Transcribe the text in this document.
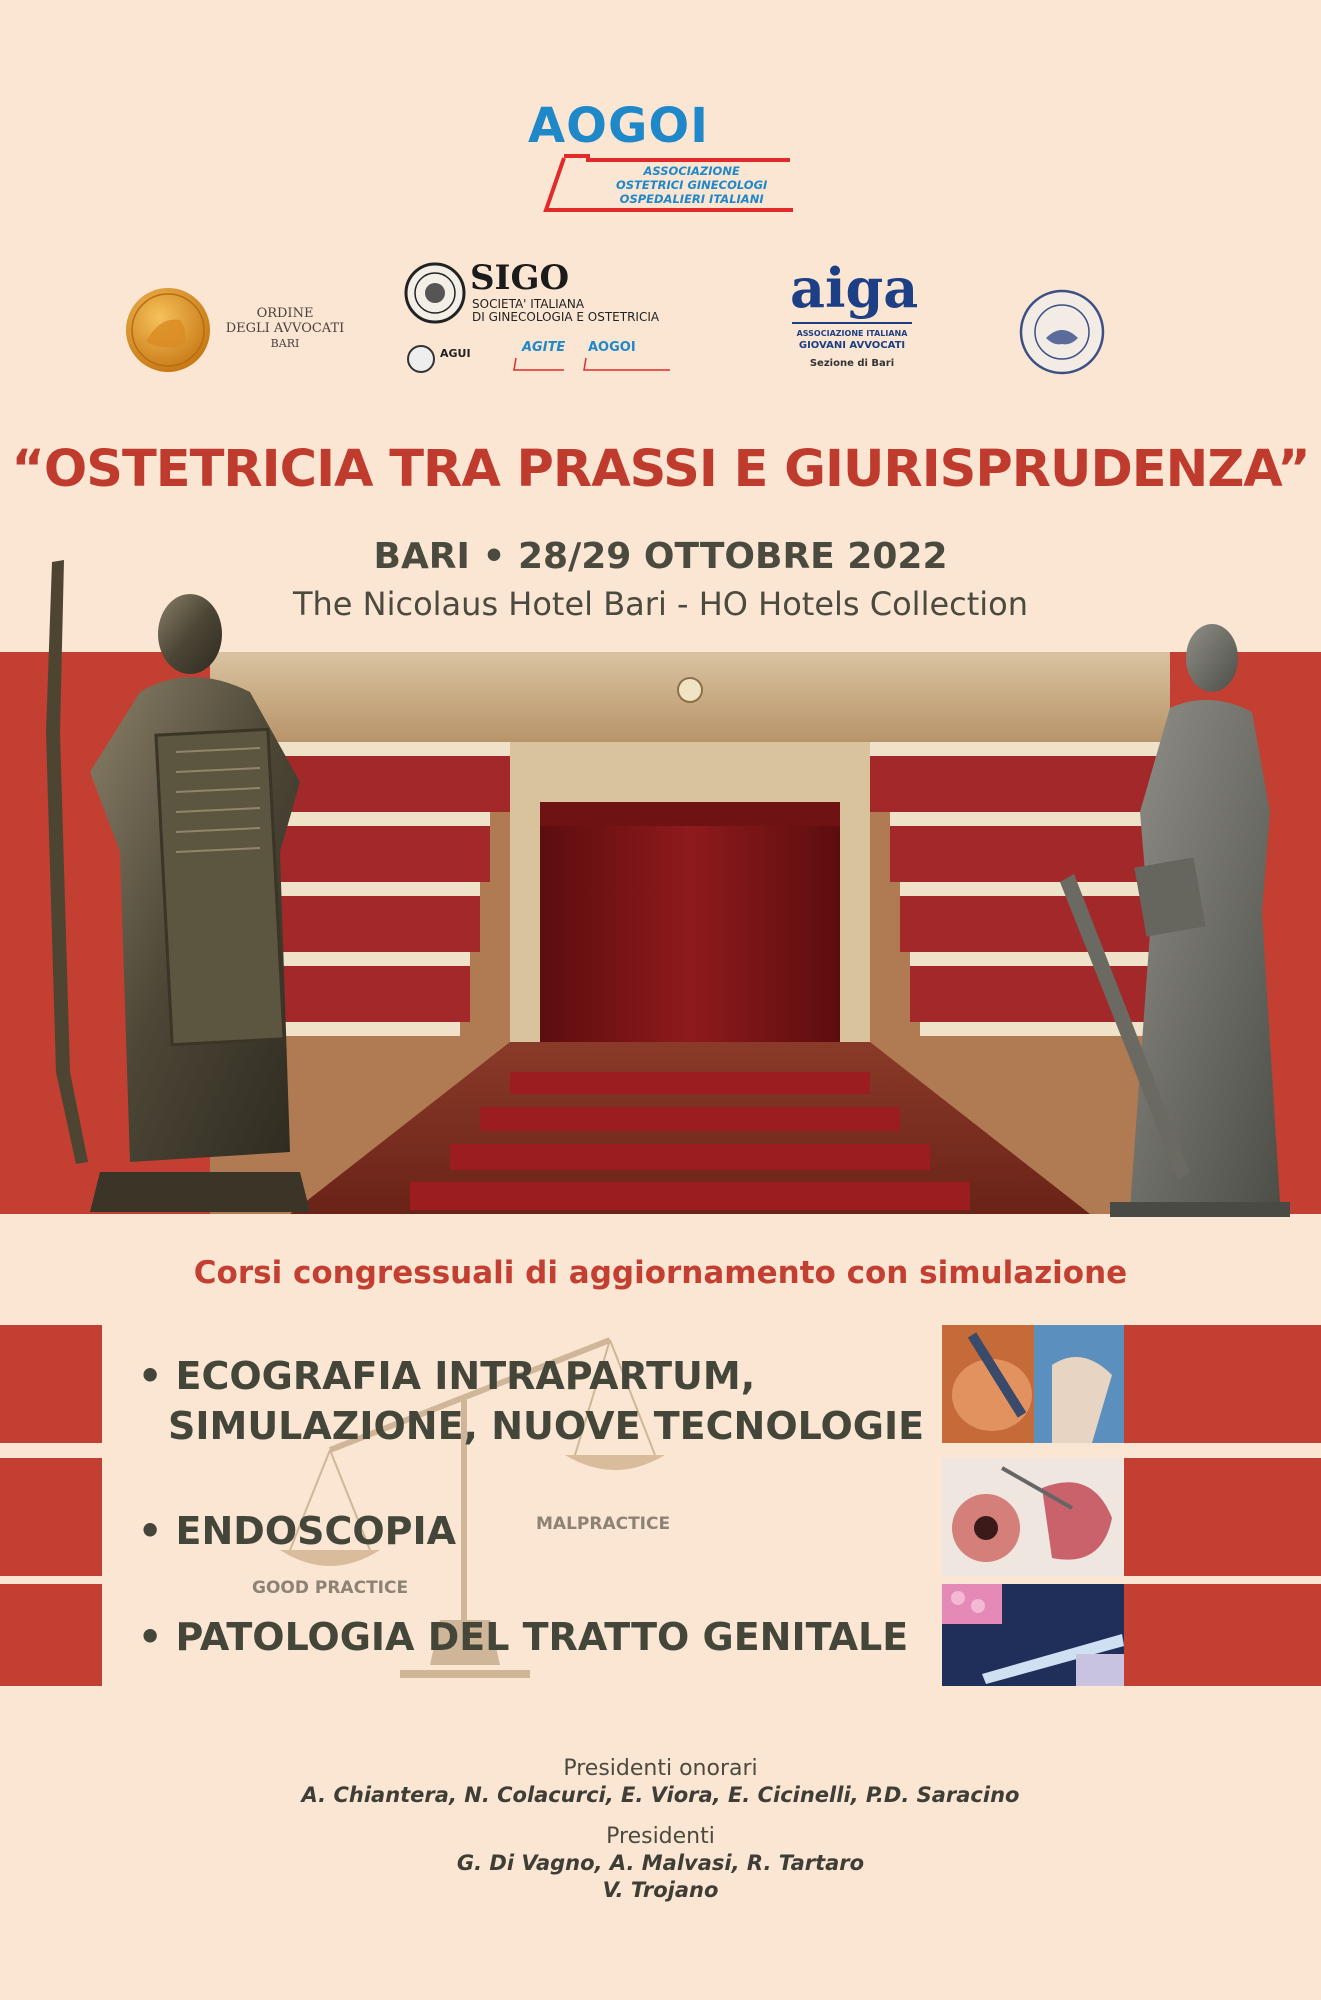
AOGOI
ASSOCIAZIONE
OSTETRICI GINECOLOGI
OSPEDALIERI ITALIANI
ORDINE
DEGLI AVVOCATI
BARI
SIGO
SOCIETA' ITALIANA
DI GINECOLOGIA E OSTETRICIA
AGUI	AGITE AOGOI
aiga
ASSOCIAZIONE ITALIANA
GIOVANI AVVOCATI
Sezione di Bari
“OSTETRICIA TRA PRASSI E GIURISPRUDENZA”
BARI • 28/29 OTTOBRE 2022
The Nicolaus Hotel Bari - HO Hotels Collection
Corsi congressuali di aggiornamento con simulazione
GOOD PRACTICE
MALPRACTICE
• ECOGRAFIA INTRAPARTUM,
SIMULAZIONE, NUOVE TECNOLOGIE
• ENDOSCOPIA
• PATOLOGIA DEL TRATTO GENITALE
Presidenti onorari
A. Chiantera, N. Colacurci, E. Viora, E. Cicinelli, P.D. Saracino
Presidenti
G. Di Vagno, A. Malvasi, R. Tartaro
V. Trojano
